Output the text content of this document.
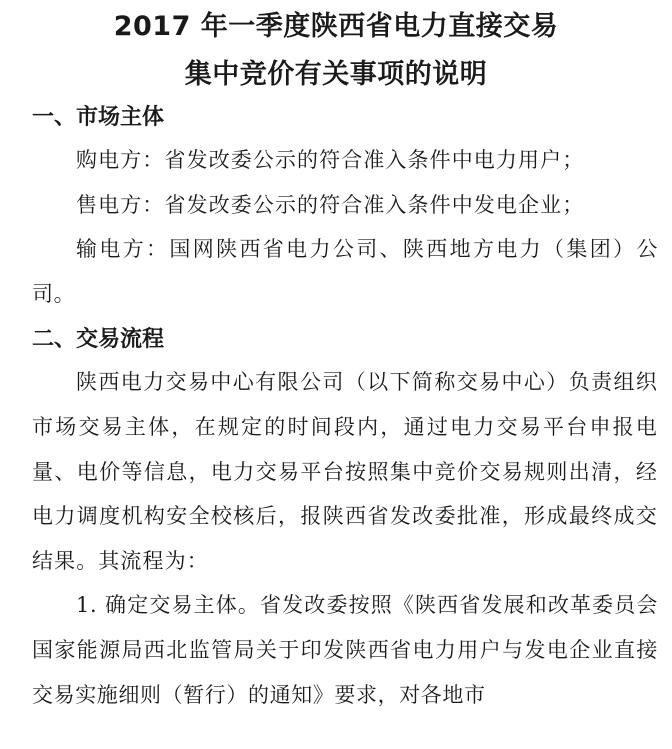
2017 年一季度陕西省电力直接交易
集中竞价有关事项的说明
一、市场主体

购电方：省发改委公示的符合准入条件中电力用户；

售电方：省发改委公示的符合准入条件中发电企业；

输电方：国网陕西省电力公司、陕西地方电力（集团）公司。

二、交易流程

陕西电力交易中心有限公司（以下简称交易中心）负责组织市场交易主体，在规定的时间段内，通过电力交易平台申报电量、电价等信息，电力交易平台按照集中竞价交易规则出清，经电力调度机构安全校核后，报陕西省发改委批准，形成最终成交结果。其流程为：

1. 确定交易主体。省发改委按照《陕西省发展和改革委员会 国家能源局西北监管局关于印发陕西省电力用户与发电企业直接交易实施细则（暂行）的通知》要求，对各地市
